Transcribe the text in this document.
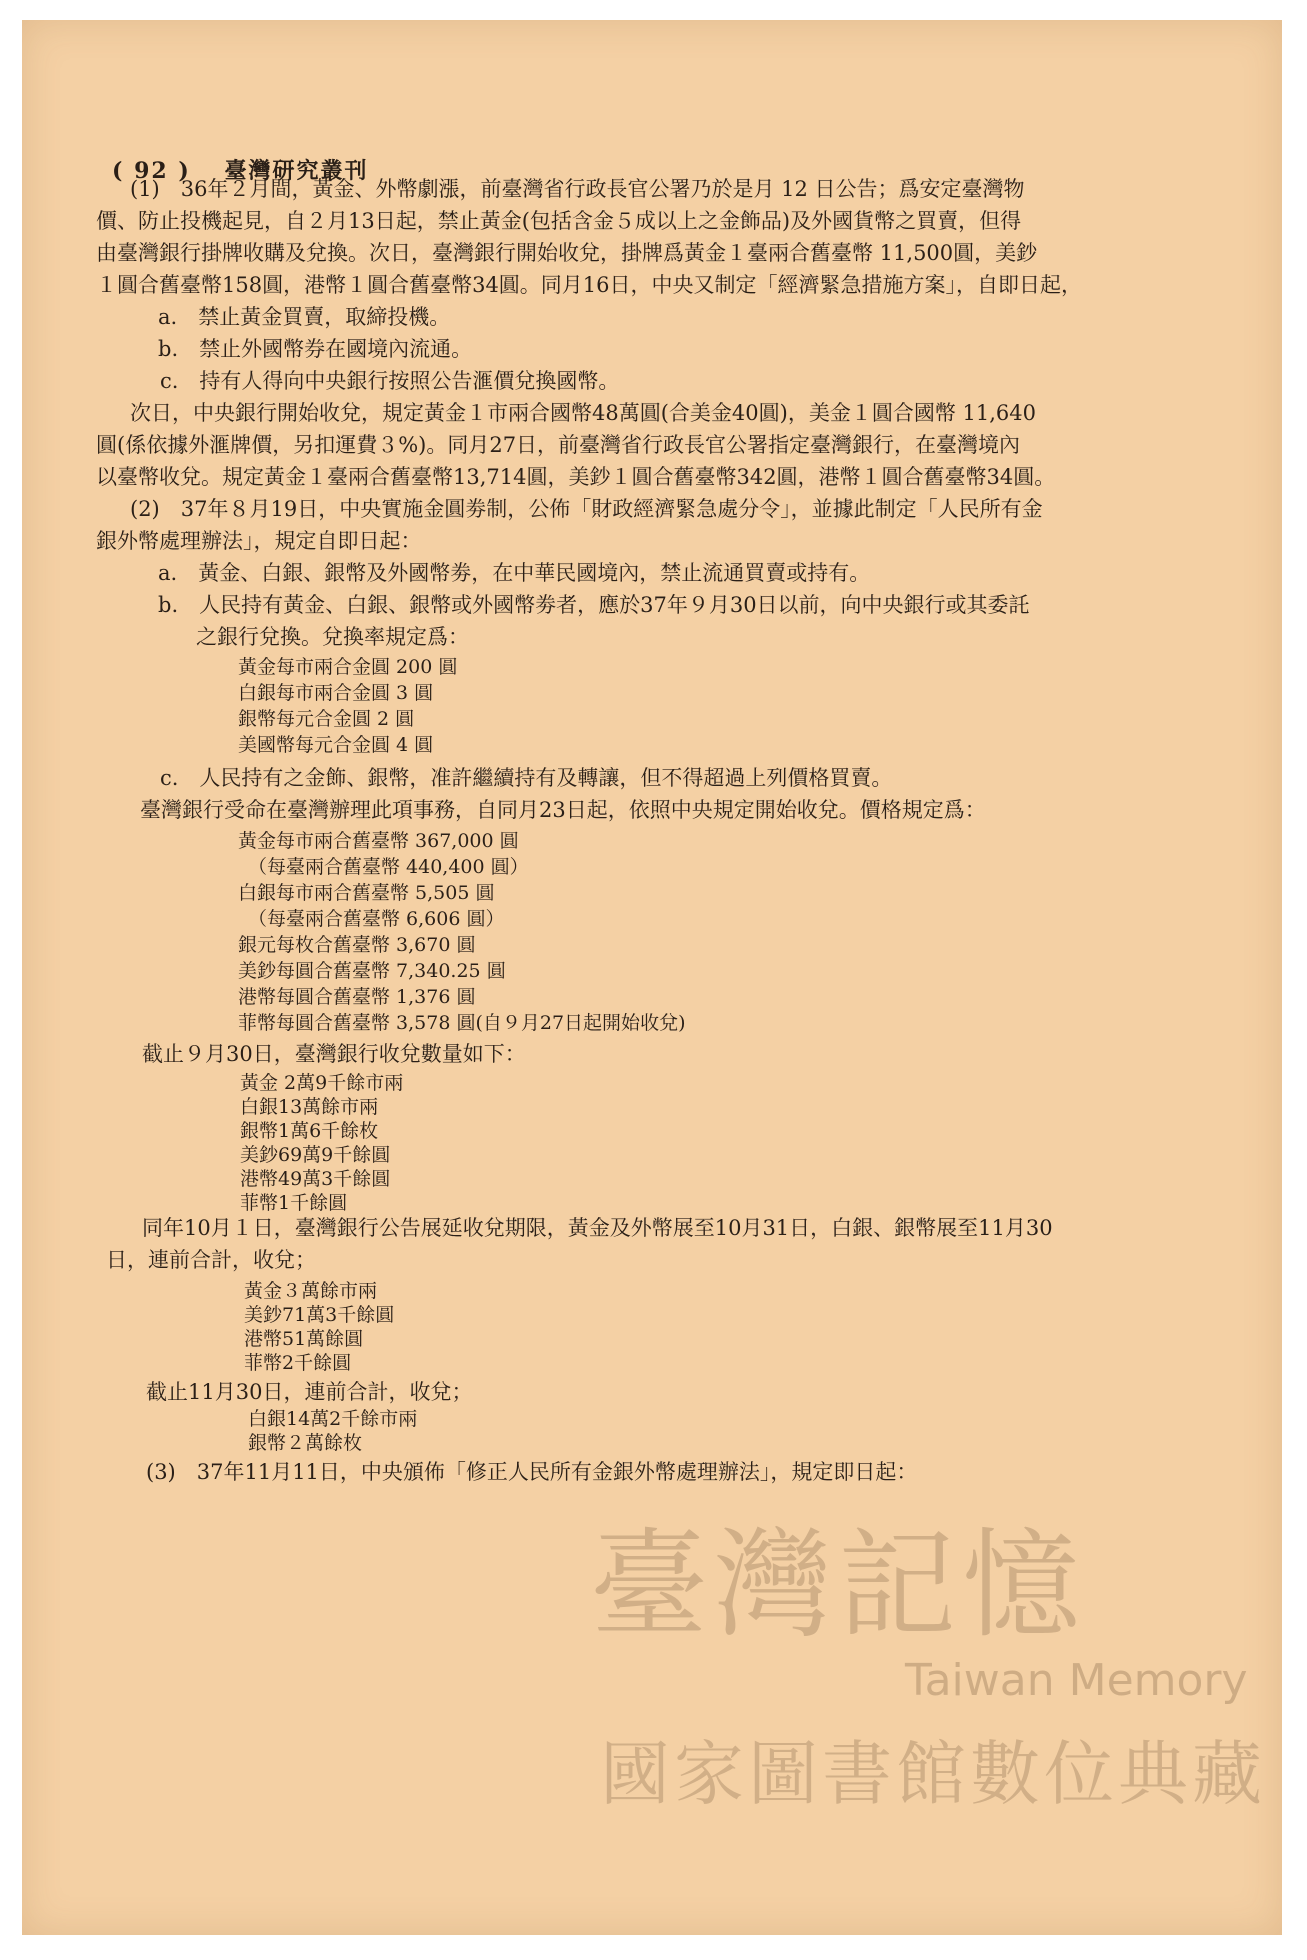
( 92 )　 臺灣研究叢刊
(1)　36年２月間，黃金、外幣劇漲，前臺灣省行政長官公署乃於是月 12 日公告；爲安定臺灣物
價、防止投機起見，自２月13日起，禁止黃金(包括含金５成以上之金飾品)及外國貨幣之買賣，但得
由臺灣銀行掛牌收購及兌換。次日，臺灣銀行開始收兌，掛牌爲黃金１臺兩合舊臺幣 11,500圓，美鈔
１圓合舊臺幣158圓，港幣１圓合舊臺幣34圓。同月16日，中央又制定「經濟緊急措施方案」，自即日起，
a.　禁止黃金買賣，取締投機。
b.　禁止外國幣券在國境內流通。
c.　持有人得向中央銀行按照公告滙價兌換國幣。
次日，中央銀行開始收兌，規定黃金１市兩合國幣48萬圓(合美金40圓)，美金１圓合國幣 11,640
圓(係依據外滙牌價，另扣運費３%)。同月27日，前臺灣省行政長官公署指定臺灣銀行，在臺灣境內
以臺幣收兌。規定黃金１臺兩合舊臺幣13,714圓，美鈔１圓合舊臺幣342圓，港幣１圓合舊臺幣34圓。
(2)　37年８月19日，中央實施金圓劵制，公佈「財政經濟緊急處分令」，並據此制定「人民所有金
銀外幣處理辦法」，規定自即日起：
a.　黃金、白銀、銀幣及外國幣劵，在中華民國境內，禁止流通買賣或持有。
b.　人民持有黃金、白銀、銀幣或外國幣劵者，應於37年９月30日以前，向中央銀行或其委託
之銀行兌換。兌換率規定爲：
黃金每市兩合金圓 200 圓
白銀每市兩合金圓 3 圓
銀幣每元合金圓 2 圓
美國幣每元合金圓 4 圓
c.　人民持有之金飾、銀幣，准許繼續持有及轉讓，但不得超過上列價格買賣。
臺灣銀行受命在臺灣辦理此項事務，自同月23日起，依照中央規定開始收兌。價格規定爲：
黃金每市兩合舊臺幣 367,000 圓
（每臺兩合舊臺幣 440,400 圓）
白銀每市兩合舊臺幣 5,505 圓
（每臺兩合舊臺幣 6,606 圓）
銀元每枚合舊臺幣 3,670 圓
美鈔每圓合舊臺幣 7,340.25 圓
港幣每圓合舊臺幣 1,376 圓
菲幣每圓合舊臺幣 3,578 圓(自９月27日起開始收兌)
截止９月30日，臺灣銀行收兌數量如下：
黃金 2萬9千餘市兩
白銀13萬餘市兩
銀幣1萬6千餘枚
美鈔69萬9千餘圓
港幣49萬3千餘圓
菲幣1千餘圓
同年10月１日，臺灣銀行公告展延收兌期限，黃金及外幣展至10月31日，白銀、銀幣展至11月30
日，連前合計，收兌；
黃金３萬餘市兩
美鈔71萬3千餘圓
港幣51萬餘圓
菲幣2千餘圓
截止11月30日，連前合計，收兌；
白銀14萬2千餘市兩
銀幣２萬餘枚
(3)　37年11月11日，中央頒佈「修正人民所有金銀外幣處理辦法」，規定即日起：
臺灣記憶
Taiwan Memory
國家圖書館數位典藏
